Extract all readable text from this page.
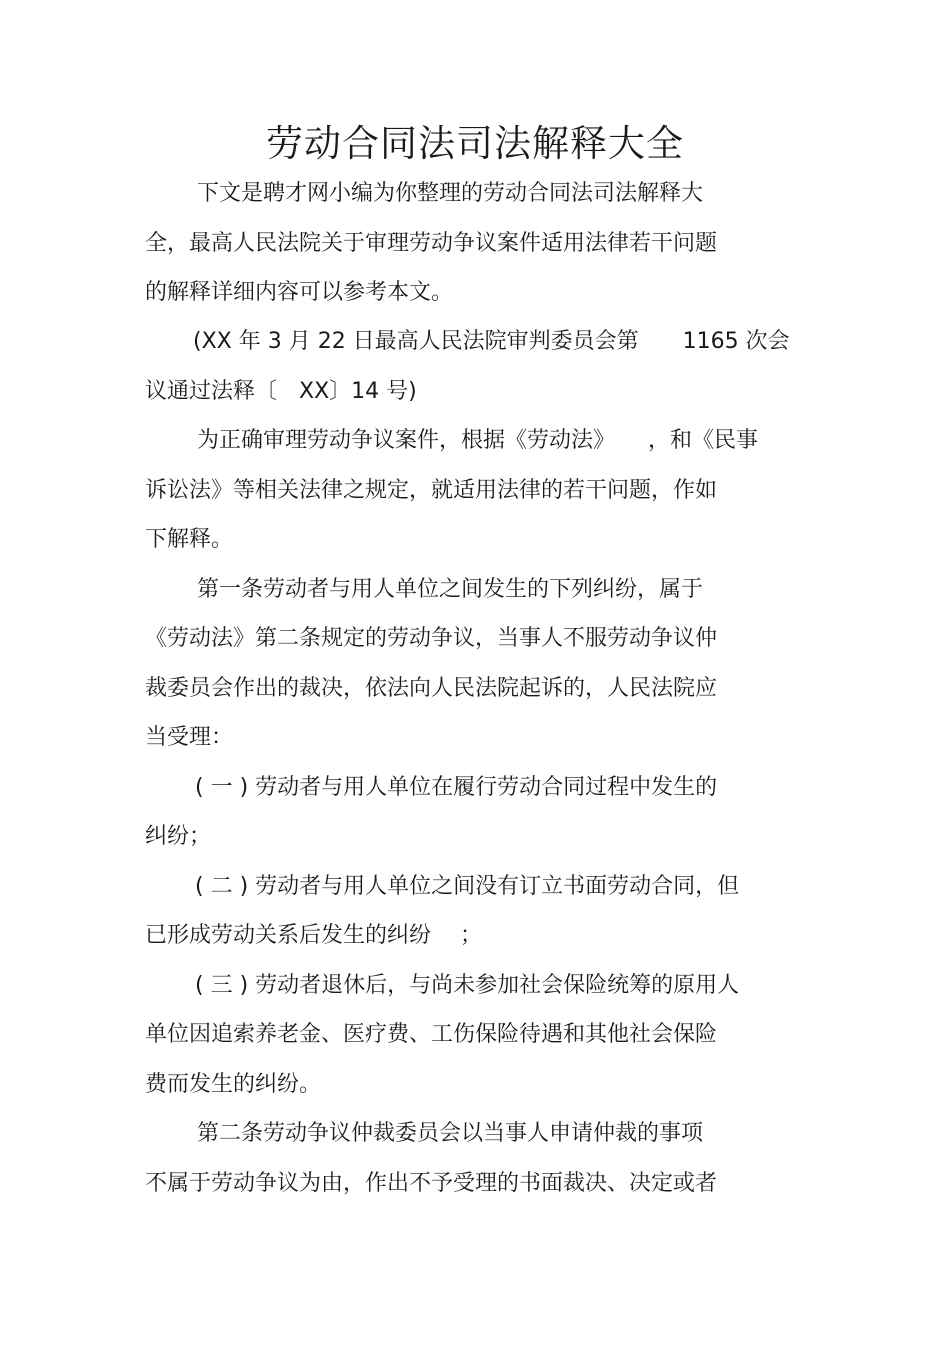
劳动合同法司法解释大全
下文是聘才网小编为你整理的劳动合同法司法解释大
全，最高人民法院关于审理劳动争议案件适用法律若干问题
的解释详细内容可以参考本文。
(XX 年 3 月 22 日最高人民法院审判委员会第　　1165 次会
议通过法释〔　XX〕14 号)
为正确审理劳动争议案件，根据《劳动法》　　，和《民事
诉讼法》等相关法律之规定，就适用法律的若干问题，作如
下解释。
第一条劳动者与用人单位之间发生的下列纠纷，属于
《劳动法》第二条规定的劳动争议，当事人不服劳动争议仲
裁委员会作出的裁决，依法向人民法院起诉的，人民法院应
当受理：
( 一 ) 劳动者与用人单位在履行劳动合同过程中发生的
纠纷；
( 二 ) 劳动者与用人单位之间没有订立书面劳动合同，但
已形成劳动关系后发生的纠纷　 ；
( 三 ) 劳动者退休后，与尚未参加社会保险统筹的原用人
单位因追索养老金、医疗费、工伤保险待遇和其他社会保险
费而发生的纠纷。
第二条劳动争议仲裁委员会以当事人申请仲裁的事项
不属于劳动争议为由，作出不予受理的书面裁决、决定或者
